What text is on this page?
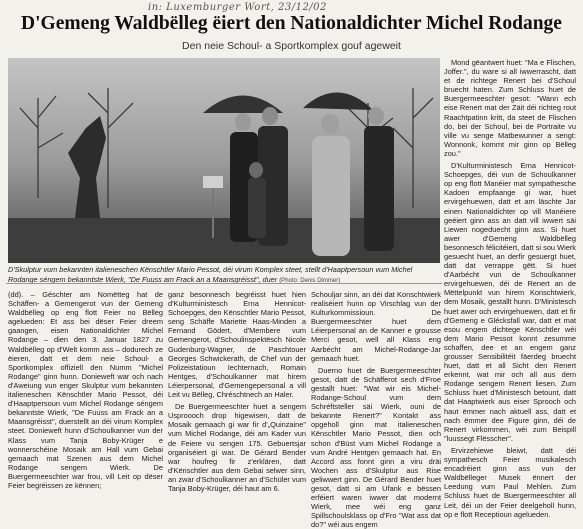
in: Luxemburger Wort, 23/12/02
D'Gemeng Waldbëlleg ëiert den Nationaldichter Michel Rodange
Den neie Schoul- a Sportkomplex gouf ageweit
D'Skulptur vum bekannten italieneschen Kënschtler Mario Pessot, déi virum Komplex steet, stellt d'Haaptpersoun vum Michel Rodange séngem bekanntste Wierk, "De Fuuss am Frack an a Maansgréisst", duer (Photo: Denis Dimmer)

Mond gëantwert huet: "Ma e Flischen, Joffer.", du ware si all iwwerrascht, datt et de richtege Renert bei d'Schoul bruecht haten. Zum Schluss huet de Buergermeeschter gesot: "Wann ech eise Renert mat der Zäit déi richteg rout Raachtpatinn kritt, da steet de Flischen do, bei der Schoul, bei de Portraite vu ville vu senge Matbewunner a sengt: Wonnonk, kommt mir ginn op Bëlleg zou."

D'Kulturministesch Erna Hennicot-Schoepges, déi vun de Schoulkanner op eng flott Manéier mat sympathesche Kadoen empfaange gi war, huet ervirgehuewen, datt et am läschte Jar einen Nationaldichter op vill Manéiere geéiert ginn ass an datt vill iwwert säi Liewen nogeduecht ginn ass. Si huet awer d'Gemeng Waldbëlleg besonnesch félicitéiert, datt si sou Wierk gesuecht huet, an derfir gesuergt huet, datt dat verrappe gëtt. Si huet d'Aarbécht vun de Schoulkanner ervirgehuewen, déi de Renert an de Mëttelpunkt vun hirem Konschtwierk, dem Mosaik, gestallt hunn. D'Ministesch huet awer och ervirgehuewen, datt et fir d'Gemeng e Glécksfall war, datt et mat esou engem dichtege Kënschtler wéi dem Mario Pessot konnt zesumme schaffen, dee et an engem ganz grousser Sensibilitéit fäerdeg bruecht huet, datt et all Sicht den Renert erkennt, wat mir och all aus dem Rodange sengem Renert liesen. Zum Schluss huet d'Ministesch betount, datt dat Haaptwierk aus eiser Sprooch och haut ëmmer nach aktuell ass, datt et nach ëmmer dee Figure ginn, déi de Renert virkommen, wéi zum Beispill "luussegt Flësscher".

Ervirzehiewe bleiwt, datt déi sympathesch Feier musikalesch encadréiert ginn ass vun der Waldbëlleger Musek ënnert der Leedung vum Paul Mehlen. Zum Schluss huet de Buergermeeschter all Leit, déi un der Feier deelgeholl hunn, op e flott Receptioun agelueden.

(dd). – Géschter am Nomëtteg hat de Schäffen- a Gemengerot vun der Gemeng Waldbëlleg op eng flott Feier no Bëlleg agelueden: Et ass bei dëser Feier dreem gaangen, eisen Nationaldichter Michel Rodange – dien den 3. Januar 1827 zu Waldbëlleg op d'Welt komm ass – dodurech ze ëieren, datt et dem neie Schoul- a Sportkomplex offiziell den Numm "Michel Rodange" ginn hunn. Donieweft war och nach d'Aweiung vun enger Skulptur vum bekannten italieneschen Kënschtler Mario Pessot, déi d'Haaptpersoun vum Michel Rodange séngem bekanntste Wierk, "De Fuuss am Frack an a Maansgréisst", duerstellt an déi virum Komplex steet. Donieweft hunn d'Schoulkanner vun der Klass vum Tanja Boby-Krüger e wonnerschéine Mosaik am Hall vum Gebai gemaach mat Szenen aus dem Michel Rodange sengem Wierk. De Buergermeeschter war frou, vill Leit op dëser Feier begréissen ze kënnen;

ganz besonnesch begréisst huet hien d'Kulturministesch Erna Hennicot-Schoepges, den Kënschtler Mario Pessot, seng Schäffe Mariette Haas-Minden a Fernand Gödert, d'Membere vum Gemengerot, d'Schoulinspektësch Nicole Gudenburg-Wagner, de Paschtouer Georges Schwickerath, de Chef vun der Polizeistatioun Iechternach, Romain Hentges, d'Schoulkanner mat hirem Léierpersonal, d'Gemengepersonal a vill Leit vu Bëlleg, Chréschtnech an Haler.

De Buergermeeschter huet a sengem Usproooch drop higewisen, datt de Mosaik gemaach gi war fir d'„Quinzaine" vum Michel Rodange, déi am Kader vun de Feiere vu sengen 175. Gebuertsjar organiséiert gi war. De Gérard Bender war houfreg fir z'erklären, datt d'Kënschtler aus dem Gebai selwer sinn, an zwar d'Schoulkanner an d'Schüler vum Tanja Boby-Krüger, déi haut am 6.

Schouljar sinn, an déi dat Konschtwierk realiséiert hunn op Virschlag vun der Kulturkommissioun. De Buergermeeschter huet dem Léierpersonal an de Kanner e grousse Merci gesot, well all Klass eng Aarbécht am Michel-Rodange-Jar gemaach huet.

Duerno huet de Buergermeeschter gesot, datt de Schäfferot sech d'Froe gestallt huet: "Wat wir eis Michel-Rodange-Schoul vum dem Schréftsteller säi Wierk, ouni de bekannte Renert?" Kontakt ass opgeholl ginn mat italieneschen Kënschtler Mario Pessot, dien och schon d'Büst vum Michel Rodange a vum André Hentgen gemaach hat. En Accord ass fonnt ginn a viru dräi Wochen ass d'Skulptur aus Rise geliwwert ginn. De Gérard Bender huet gesot, datt si am Ufank e bëssen erféiert waren iwwer dat modernt Wierk, mee wéi eng ganz Spillschoulsklass op d'Fro "Wat ass dat do?" wéi aus engem
